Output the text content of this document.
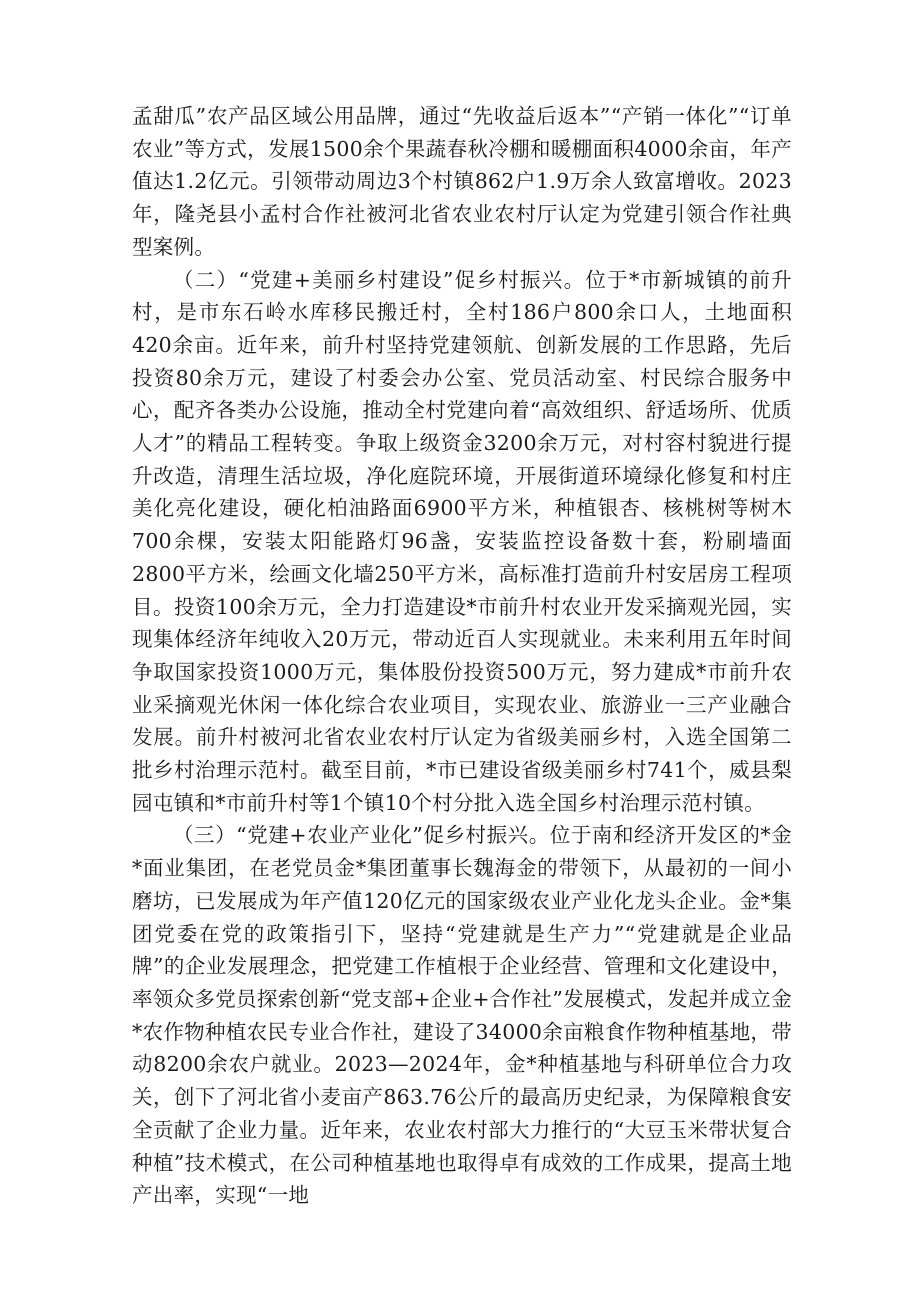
孟甜瓜”农产品区域公用品牌，通过“先收益后返本”“产销一体化”“订单农业”等方式，发展1500余个果蔬春秋冷棚和暖棚面积4000余亩，年产值达1.2亿元。引领带动周边3个村镇862户1.9万余人致富增收。2023年，隆尧县小孟村合作社被河北省农业农村厅认定为党建引领合作社典型案例。

（二）“党建+美丽乡村建设”促乡村振兴。位于*市新城镇的前升村，是市东石岭水库移民搬迁村，全村186户800余口人，土地面积420余亩。近年来，前升村坚持党建领航、创新发展的工作思路，先后投资80余万元，建设了村委会办公室、党员活动室、村民综合服务中心，配齐各类办公设施，推动全村党建向着“高效组织、舒适场所、优质人才”的精品工程转变。争取上级资金3200余万元，对村容村貌进行提升改造，清理生活垃圾，净化庭院环境，开展街道环境绿化修复和村庄美化亮化建设，硬化柏油路面6900平方米，种植银杏、核桃树等树木700余棵，安装太阳能路灯96盏，安装监控设备数十套，粉刷墙面2800平方米，绘画文化墙250平方米，高标准打造前升村安居房工程项目。投资100余万元，全力打造建设*市前升村农业开发采摘观光园，实现集体经济年纯收入20万元，带动近百人实现就业。未来利用五年时间争取国家投资1000万元，集体股份投资500万元，努力建成*市前升农业采摘观光休闲一体化综合农业项目，实现农业、旅游业一三产业融合发展。前升村被河北省农业农村厅认定为省级美丽乡村，入选全国第二批乡村治理示范村。截至目前，*市已建设省级美丽乡村741个，威县梨园屯镇和*市前升村等1个镇10个村分批入选全国乡村治理示范村镇。

（三）“党建+农业产业化”促乡村振兴。位于南和经济开发区的*金*面业集团，在老党员金*集团董事长魏海金的带领下，从最初的一间小磨坊，已发展成为年产值120亿元的国家级农业产业化龙头企业。金*集团党委在党的政策指引下，坚持“党建就是生产力”“党建就是企业品牌”的企业发展理念，把党建工作植根于企业经营、管理和文化建设中，率领众多党员探索创新“党支部+企业+合作社”发展模式，发起并成立金*农作物种植农民专业合作社，建设了34000余亩粮食作物种植基地，带动8200余农户就业。2023—2024年，金*种植基地与科研单位合力攻关，创下了河北省小麦亩产863.76公斤的最高历史纪录，为保障粮食安全贡献了企业力量。近年来，农业农村部大力推行的“大豆玉米带状复合种植”技术模式，在公司种植基地也取得卓有成效的工作成果，提高土地产出率，实现“一地
